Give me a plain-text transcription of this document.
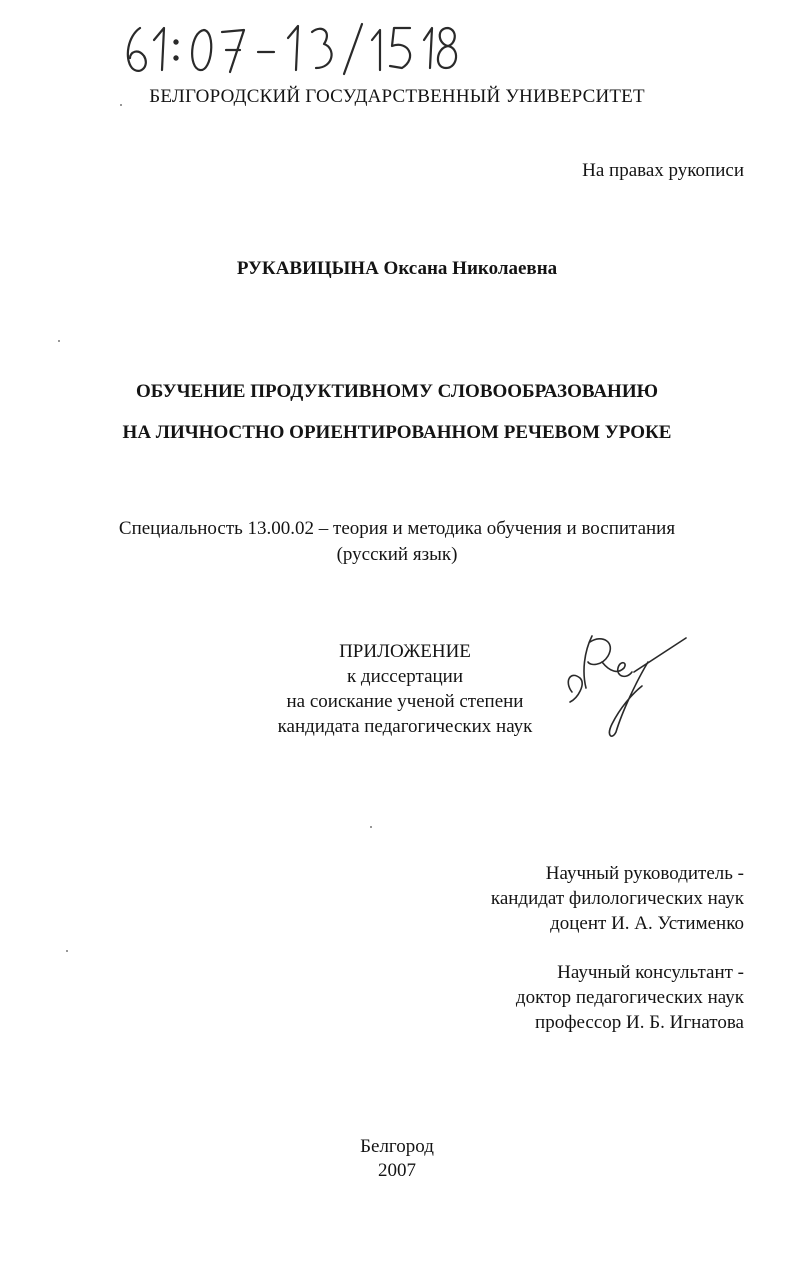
БЕЛГОРОДСКИЙ ГОСУДАРСТВЕННЫЙ УНИВЕРСИТЕТ
На правах рукописи
РУКАВИЦЫНА Оксана Николаевна
ОБУЧЕНИЕ ПРОДУКТИВНОМУ СЛОВООБРАЗОВАНИЮ
НА ЛИЧНОСТНО ОРИЕНТИРОВАННОМ РЕЧЕВОМ УРОКЕ
Специальность 13.00.02 – теория и методика обучения и воспитания
(русский язык)
ПРИЛОЖЕНИЕ
к диссертации
на соискание ученой степени
кандидата педагогических наук
Научный руководитель -
кандидат филологических наук
доцент И. А. Устименко
Научный консультант -
доктор педагогических наук
профессор И. Б. Игнатова
Белгород
2007
